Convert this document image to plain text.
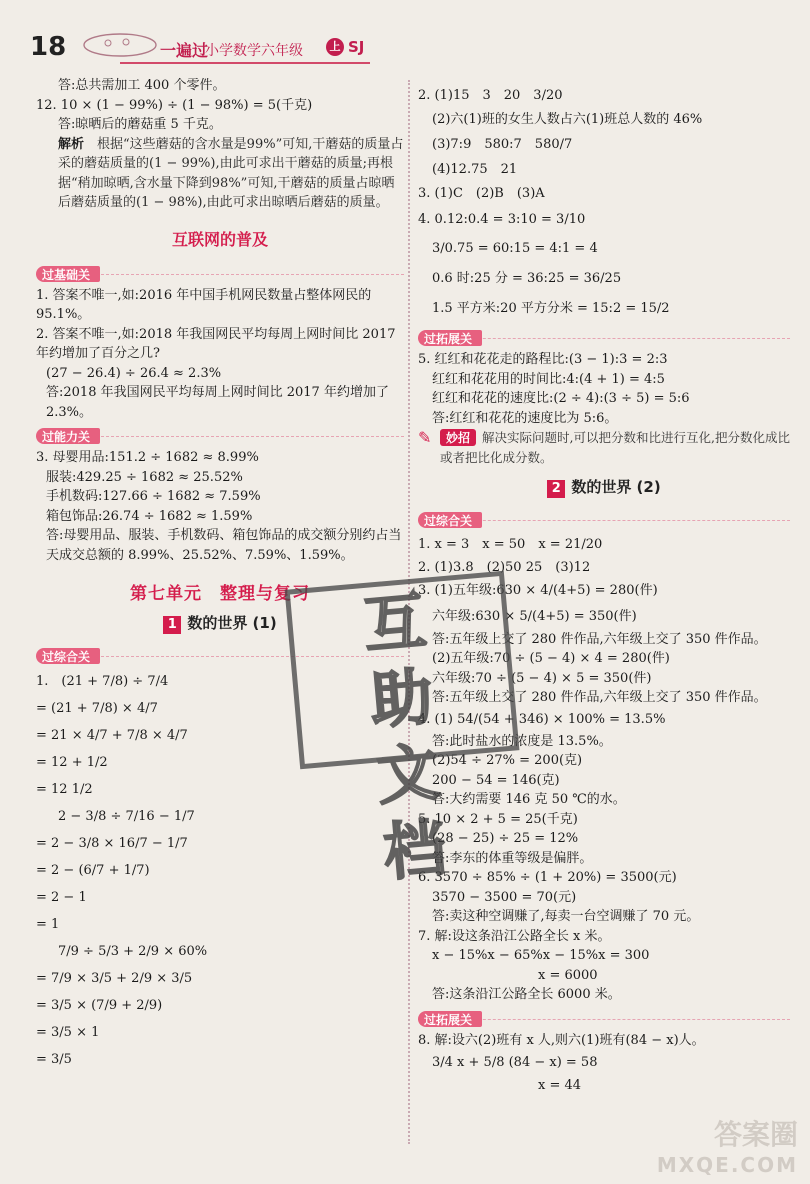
18	一遍过
小学数学六年级	上 SJ
答:总共需加工 400 个零件。
12. 10 × (1 − 99%) ÷ (1 − 98%) = 5(千克)
答:晾晒后的蘑菇重 5 千克。
解析　 根据“这些蘑菇的含水量是99%”可知,干蘑菇的质量占采的蘑菇质量的(1 − 99%),由此可求出干蘑菇的质量;再根据“稍加晾晒,含水量下降到98%”可知,干蘑菇的质量占晾晒后蘑菇质量的(1 − 98%),由此可求出晾晒后蘑菇的质量。
互联网的普及
过基础关
1. 答案不唯一,如:2016 年中国手机网民数量占整体网民的 95.1%。
2. 答案不唯一,如:2018 年我国网民平均每周上网时间比 2017 年约增加了百分之几?
(27 − 26.4) ÷ 26.4 ≈ 2.3%
答:2018 年我国网民平均每周上网时间比 2017 年约增加了 2.3%。
过能力关
3. 母婴用品:151.2 ÷ 1682 ≈ 8.99%
服装:429.25 ÷ 1682 ≈ 25.52%
手机数码:127.66 ÷ 1682 ≈ 7.59%
箱包饰品:26.74 ÷ 1682 ≈ 1.59%
答:母婴用品、服装、手机数码、箱包饰品的成交额分别约占当天成交总额的 8.99%、25.52%、7.59%、1.59%。
第七单元　整理与复习
1 数的世界 (1)
过综合关
1.　(21 + 7/8) ÷ 7/4
= (21 + 7/8) × 4/7
= 21 × 4/7 + 7/8 × 4/7
= 12 + 1/2
= 12 1/2
2 − 3/8 ÷ 7/16 − 1/7
= 2 − 3/8 × 16/7 − 1/7
= 2 − (6/7 + 1/7)
= 2 − 1
= 1
7/9 ÷ 5/3 + 2/9 × 60%
= 7/9 × 3/5 + 2/9 × 3/5
= 3/5 × (7/9 + 2/9)
= 3/5 × 1
= 3/5
2. (1)15　3　20　3/20
(2)六(1)班的女生人数占六(1)班总人数的 46%
(3)7:9　580:7　580/7
(4)12.75　21
3. (1)C　(2)B　(3)A
4. 0.12:0.4 = 3:10 = 3/10
3/0.75 = 60:15 = 4:1 = 4
0.6 时:25 分 = 36:25 = 36/25
1.5 平方米:20 平方分米 = 15:2 = 15/2
过拓展关
5. 红红和花花走的路程比:(3 − 1):3 = 2:3
红红和花花用的时间比:4:(4 + 1) = 4:5
红红和花花的速度比:(2 ÷ 4):(3 ÷ 5) = 5:6
答:红红和花花的速度比为 5:6。
✎ 妙招 解决实际问题时,可以把分数和比进行互化,把分数化成比或者把比化成分数。
2 数的世界 (2)
过综合关
1. x = 3　x = 50　x = 21/20
2. (1)3.8　(2)50 25　(3)12
3. (1)五年级:630 × 4/(4+5) = 280(件)
六年级:630 × 5/(4+5) = 350(件)
答:五年级上交了 280 件作品,六年级上交了 350 件作品。
(2)五年级:70 ÷ (5 − 4) × 4 = 280(件)
六年级:70 ÷ (5 − 4) × 5 = 350(件)
答:五年级上交了 280 件作品,六年级上交了 350 件作品。
4. (1) 54/(54 + 346) × 100% = 13.5%
答:此时盐水的浓度是 13.5%。
(2)54 ÷ 27% = 200(克)
200 − 54 = 146(克)
答:大约需要 146 克 50 ℃的水。
5. 10 × 2 + 5 = 25(千克)
(28 − 25) ÷ 25 = 12%
答:李东的体重等级是偏胖。
6. 3570 ÷ 85% ÷ (1 + 20%) = 3500(元)
3570 − 3500 = 70(元)
答:卖这种空调赚了,每卖一台空调赚了 70 元。
7. 解:设这条沿江公路全长 x 米。
x − 15%x − 65%x − 15%x = 300
x = 6000
答:这条沿江公路全长 6000 米。
过拓展关
8. 解:设六(2)班有 x 人,则六(1)班有(84 − x)人。
3/4 x + 5/8 (84 − x) = 58
x = 44
互
助
文
档
答案圈
MXQE.COM
